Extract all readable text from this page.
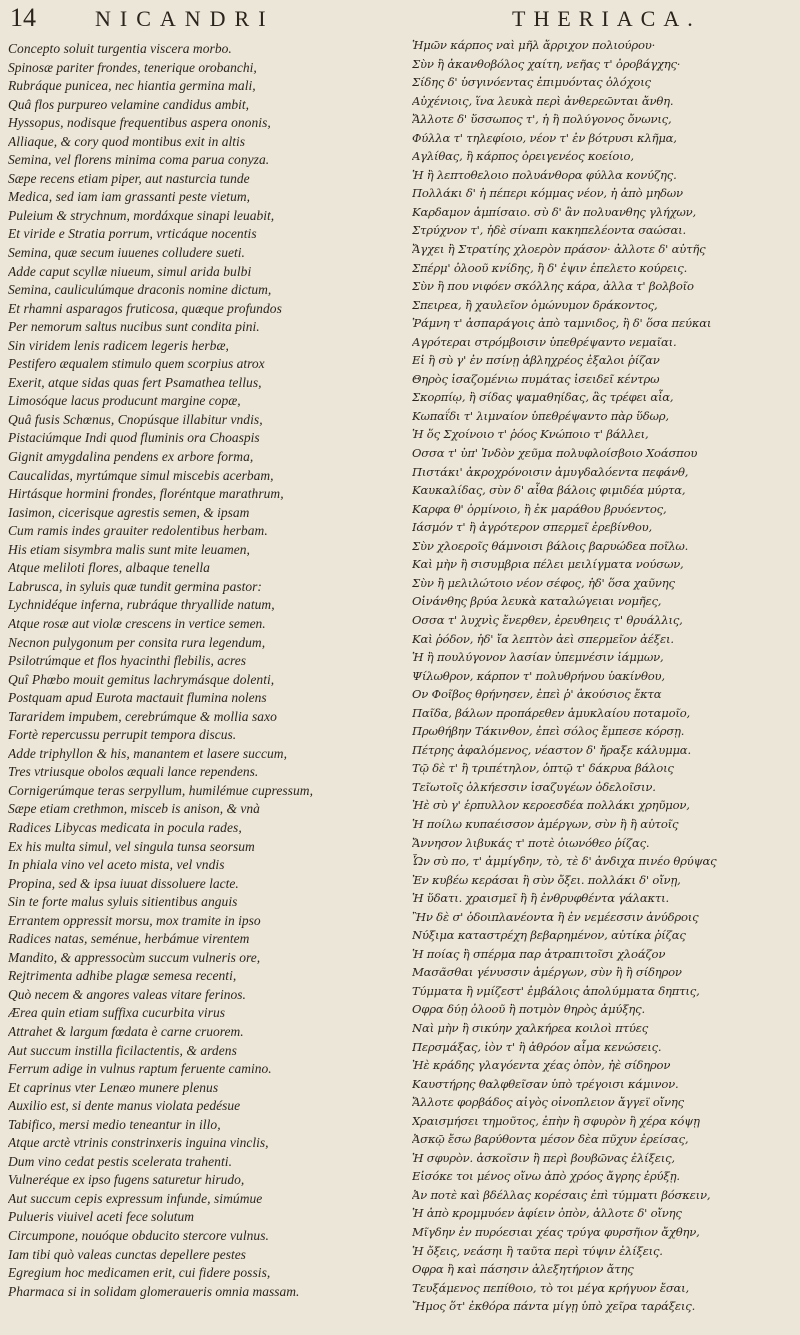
14	NICANDRI	THERIACA.
Concepto soluit turgentia viscera morbo.
Spinosæ pariter frondes, tenerique orobanchi,
Rubráque punicea, nec hiantia germina mali,
Quâ flos purpureo velamine candidus ambit,
Hyssopus, nodisque frequentibus aspera ononis,
Alliaque, & cory quod montibus exit in altis
Semina, vel florens minima coma parua conyza.
Sæpe recens etiam piper, aut nasturcia tunde
Medica, sed iam iam grassanti peste vietum,
Puleium & strychnum, mordáxque sinapi leuabit,
Et viride e Stratia porrum, vrticáque nocentis
Semina, quæ secum iuuenes colludere sueti.
Adde caput scyllæ niueum, simul arida bulbi
Semina, cauliculúmque draconis nomine dictum,
Et rhamni asparagos fruticosa, quæque profundos
Per nemorum saltus nucibus sunt condita pini.
Sin viridem lenis radicem legeris herbæ,
Pestifero æqualem stimulo quem scorpius atrox
Exerit, atque sidas quas fert Psamathea tellus,
Limosóque lacus producunt margine copæ,
Quâ fusis Schœnus, Cnopúsque illabitur vndis,
Pistaciúmque Indi quod fluminis ora Choaspis
Gignit amygdalina pendens ex arbore forma,
Caucalidas, myrtúmque simul miscebis acerbam,
Hirtásque hormini frondes, floréntque marathrum,
Iasimon, cicerisque agrestis semen, & ipsam
Cum ramis indes grauiter redolentibus herbam.
His etiam sisymbra malis sunt mite leuamen,
Atque meliloti flores, albaque tenella
Labrusca, in syluis quæ tundit germina pastor:
Lychnidéque inferna, rubráque thryallide natum,
Atque rosæ aut violæ crescens in vertice semen.
Necnon pulygonum per consita rura legendum,
Psilotrúmque et flos hyacinthi flebilis, acres
Quî Phœbo mouit gemitus lachrymásque dolenti,
Postquam apud Eurota mactauit flumina nolens
Tararidem impubem, cerebrúmque & mollia saxo
Fortè repercussu perrupit tempora discus.
Adde triphyllon & his, manantem et lasere succum,
Tres vtriusque obolos æquali lance rependens.
Cornigerúmque teras serpyllum, humilémue cupressum,
Sæpe etiam crethmon, misceb is anison, & vnà
Radices Libycas medicata in pocula rades,
Ex his multa simul, vel singula tunsa seorsum
In phiala vino vel aceto mista, vel vndis
Propina, sed & ipsa iuuat dissoluere lacte.
Sin te forte malus syluis sitientibus anguis
Errantem oppressit morsu, mox tramite in ipso
Radices natas, seménue, herbámue virentem
Mandito, & appressocùm succum vulneris ore,
Rejtrimenta adhibe plagæ semesa recenti,
Quò necem & angores valeas vitare ferinos.
Ærea quin etiam suffixa cucurbita virus
Attrahet & largum fœdata è carne cruorem.
Aut succum instilla ficilactentis, & ardens
Ferrum adige in vulnus raptum feruente camino.
Et caprinus vter Lenæo munere plenus
Auxilio est, si dente manus violata pedésue
Tabifico, mersi medio teneantur in illo,
Atque arctè vtrinis constrinxeris inguina vinclis,
Dum vino cedat pestis scelerata trahenti.
Vulneréque ex ipso fugens saturetur hirudo,
Aut succum cepis expressum infunde, simúmue
Pulueris viuivel aceti fece solutum
Circumpone, nouóque obducito stercore vulnus.
Iam tibi quò valeas cunctas depellere pestes
Egregium hoc medicamen erit, cui fidere possis,
Pharmaca si in solidam glomeraueris omnia massam.
Ἡμῶν κάρπος ναὶ μῆλ ἄρριχον πολιούρου·
Σὺν ἢ ἀκανθοβόλος χαίτη, νεῆας τ' ὀροβάγχης·
Σίδης δ' ὑσγινόεντας ἐπιμυόντας ὀλόχοις
Αὐχένιοις, ἵνα λευκὰ περὶ ἀνθερεῶνται ἄνθη.
Ἄλλοτε δ' ὕσσωπος τ', ἠ ἢ πολύγονος ὄνωνις,
Φύλλα τ' τηλεφίοιο, νέον τ' ἐν βότρυσι κλῆμα,
Αγλίθας, ἢ κάρπος ὀρειγενέος κοείοιο,
Ἡ ἢ λεπτοθελοιο πολυάνθορα φύλλα κονύζης.
Πολλάκι δ' ἡ πέπερι κόμμας νέον, ἠ ἀπὸ μηδων
Καρδαμον ἀμπίσαιο. σὺ δ' ἂν πολυανθης γλήχων,
Στρύχνον τ', ἠδὲ σίναπι κακηπελέοντα σαώσαι.
Ἄγχει ἢ Στρατίης χλοερὸν πράσον· ἀλλοτε δ' αὐτῆς
Σπέρμ' ὀλοοῦ κνίδης, ἢ δ' ἐψιν ἐπελετο κούρεις.
Σὺν ἢ που νιφόεν σκόλλης κάρα, ἀλλα τ' βολβοῖο
Σπειρεα, ἢ χαυλεῖον ὁμώνυμον δράκοντος,
Ῥάμνη τ' ἀσπαράγοις ἀπὸ ταμνιδος, ἢ δ' ὅσα πεύκαι
Αγρότεραι στρόμβοισιν ὑπεθρέψαντο νεμαῖαι.
Εἰ ἢ σὺ γ' ἐν πσίνῃ ἀβληχρέος ἐξαλοι ῥίζαν
Θηρὸς ἰσαζομένιω πυμάτας ἰσειδεῖ κέντρω
Σκορπίῳ, ἢ σίδας ψαμαθηίδας, ἃς τρέφει αἶα,
Κωπαΐδι τ' λιμναίον ὑπεθρέψαντο πὰρ ὕδωρ,
Ἡ ὅς Σχοίνοιο τ' ῥόος Κνώποιο τ' βάλλει,
Οσσα τ' ὑπ' Ἰνδὸν χεῦμα πολυφλοίσβοιο Χοάσπου
Πιστάκι' ἀκροχρόνοισιν ἀμυγδαλόεντα πεφάνθ,
Καυκαλίδας, σὺν δ' αἶθα βάλοις φιμιδέα μύρτα,
Καρφα θ' ὁρμίνοιο, ἢ ἐκ μαράθου βρυόεντος,
Ιάσμόν τ' ἢ ἀγρότερον σπερμεῖ ἐρεβίνθου,
Σὺν χλοεροῖς θάμνοισι βάλοις βαρυώδεα ποῖλω.
Καὶ μὴν ἢ σισυμβρια πέλει μειλίγματα νούσων,
Σὺν ἢ μελιλώτοιο νέον σέφος, ἠδ' ὅσα χαῦνης
Οἰνάνθης βρύα λευκὰ καταλώγειαι νομῆες,
Οσσα τ' λυχνὶς ἔνερθεν, ἐρευθηεις τ' θρυάλλις,
Καὶ ῥόδον, ἠδ' ἴα λεπτὸν ἀεὶ σπερμεῖον ἀέξει.
Ἡ ἢ πουλύγονον λασίαν ὑπεμνέσιν ἰάμμων,
Ψίλωθρον, κάρπον τ' πολυθρήνου ὑακίνθου,
Ον Φοῖβος θρήνησεν, ἐπεὶ ῥ' ἀκούσιος ἔκτα
Παῖδα, βάλων προπάρεθεν ἀμυκλαίου ποταμοῖο,
Πρωθήβην Τάκινθον, ἐπεὶ σόλος ἔμπεσε κόρσῃ.
Πέτρης ἀφαλόμενος, νέαστον δ' ἤραξε κάλυμμα.
Τῷ δὲ τ' ἢ τριπέτηλον, ὁπτῷ τ' δάκρυα βάλοις
Τεῖωτοῖς ὀλκήεσσιν ἰσαζυγέων ὀδελοῖσιν.
Ἠὲ σὺ γ' ἑρπυλλον κεροεσδέα πολλάκι χρηῦμον,
Ἡ ποίλω κυπαέισσον ἀμέργων, σὺν ἢ ἢ αὐτοῖς
Ἄννησον λιβυκάς τ' ποτὲ ὀιωνόθεο ῥίζας.
Ὧν σὺ πο, τ' ἀμμίγδην, τὸ, τὲ δ' ἀνδιχα πινέο θρύψας
Ἐν κυβέω κεράσαι ἢ σὺν ὄξει. πολλάκι δ' οἴνῃ,
Ἡ ὕδατι. χραισμεῖ ἢ ἢ ἐνθρυφθέντα γάλακτι.
Ἢν δὲ σ' ὁδοιπλανέοντα ἢ ἐν νεμέεσσιν ἀνύδροις
Νύξιμα καταστρέχη βεβαρημένον, αὐτίκα ῥίζας
Ἡ ποίας ἢ σπέρμα παρ ἀτραπιτοῖσι χλοάζον
Μασᾶσθαι γένυσσιν ἀμέργων, σὺν ἢ ἢ σίδηρον
Τύμματα ἢ νμίζεστ' ἐμβάλοις ἀπολύμματα δηπτις,
Οφρα δύῃ ὀλοοῦ ἢ ποτμὸν θηρὸς ἀμύξης.
Ναὶ μὴν ἢ σικύην χαλκήρεα κοιλοὶ πτύες
Περσμάξας, ἰὸν τ' ἢ ἀθρόον αἷμα κενώσεις.
Ἠὲ κράδης γλαγόεντα χέας ὀπὸν, ἠὲ σίδηρον
Καυστήρης θαλφθεῖσαν ὑπὸ τρέγοισι κάμινον.
Ἄλλοτε φορβάδος αἰγὸς οἰνοπλειον ἄγγεϊ οἴνης
Χραισμήσει τημοῦτος, ἐπὴν ἢ σφυρὸν ἢ χέρα κόψῃ
Ἀσκῷ ἔσω βαρύθοντα μέσον δὲα πῦχυν ἐρείσας,
Ἡ σφυρὸν. ἀσκοῖσιν ἢ περὶ βουβῶνας ἐλίξεις,
Εἰσόκε τοι μένος οἴνω ἀπὸ χρόος ἄγρης ἐρύξῃ.
Ἀν ποτὲ καὶ βδέλλας κορέσαις ἐπὶ τύμματι βόσκειν,
Ἡ ἀπὸ κρομμυόεν ἀφίειν ὀπὸν, ἀλλοτε δ' οἴνης
Μῖγδην ἐν πυρόεσιαι χέας τρύγα φυρσῆιον ἄχθην,
Ἡ ὄξεις, νεάσηι ἢ ταῦτα περὶ τύψιν ἐλίξεις.
Οφρα ἢ καὶ πάσησιν ἀλεξητήριον ἄτης
Τευξάμενος πεπίθοιο, τὸ τοι μέγα κρήγυον ἔσαι,
Ἤμος ὅτ' ἐκθόρα πάντα μίγῃ ὑπὸ χεῖρα ταράξεις.
